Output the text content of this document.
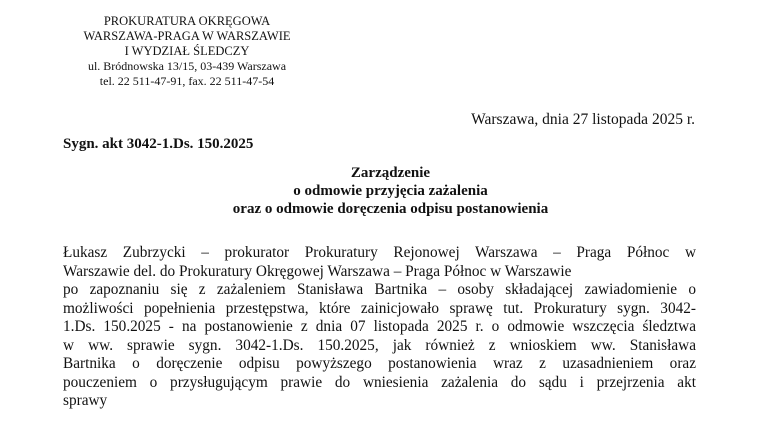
PROKURATURA OKRĘGOWA
WARSZAWA-PRAGA W WARSZAWIE
I WYDZIAŁ ŚLEDCZY
ul. Bródnowska 13/15, 03-439 Warszawa
tel. 22 511-47-91, fax. 22 511-47-54
Warszawa, dnia 27 listopada 2025 r.
Sygn. akt 3042-1.Ds. 150.2025
Zarządzenie
o odmowie przyjęcia zażalenia
oraz o odmowie doręczenia odpisu postanowienia
Łukasz Zubrzycki – prokurator Prokuratury Rejonowej Warszawa – Praga Północ w
Warszawie del. do Prokuratury Okręgowej Warszawa – Praga Północ w Warszawie
po zapoznaniu się z zażaleniem Stanisława Bartnika – osoby składającej zawiadomienie o
możliwości popełnienia przestępstwa, które zainicjowało sprawę tut. Prokuratury sygn. 3042-
1.Ds. 150.2025 - na postanowienie z dnia 07 listopada 2025 r. o odmowie wszczęcia śledztwa
w ww. sprawie sygn. 3042-1.Ds. 150.2025, jak również z wnioskiem ww. Stanisława
Bartnika o doręczenie odpisu powyższego postanowienia wraz z uzasadnieniem oraz
pouczeniem o przysługującym prawie do wniesienia zażalenia do sądu i przejrzenia akt
sprawy
